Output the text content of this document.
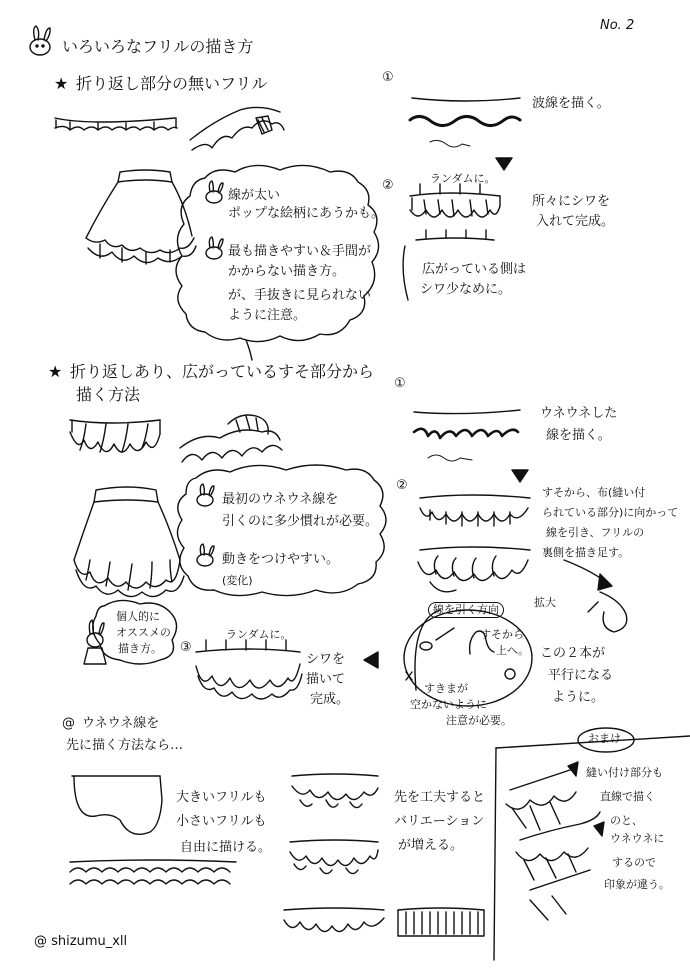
No. 2
いろいろなフリルの描き方
★ 折り返し部分の無いフリル	①
波線を描く。
②	ランダムに。
所々にシワを
入れて完成。
広がっている側は
シワ少なめに。
線が太い
ポップな絵柄にあうかも。
最も描きやすい＆手間が
かからない描き方。
が、手抜きに見られない
ように注意。
★ 折り返しあり、広がっているすそ部分から
描く方法
①
ウネウネした
線を描く。
②	すそから、布(縫い付
られている部分)に向かって
線を引き、フリルの
裏側を描き足す。
拡大
線を引く方向
すそから
上へ。
すきまが
空かないように
注意が必要。
この２本が
平行になる
ように。
最初のウネウネ線を
引くのに多少慣れが必要。
動きをつけやすい。
(変化)
個人的に
オススメの
描き方。 ③
ランダムに。
シワを
描いて
完成。
@ ウネウネ線を
先に描く方法なら…
大きいフリルも
小さいフリルも
自由に描ける。
先を工夫すると
バリエーション
が増える。
おまけ
縫い付け部分も
直線で描く
のと、
ウネウネに
するので
印象が違う。
@ shizumu_xll
